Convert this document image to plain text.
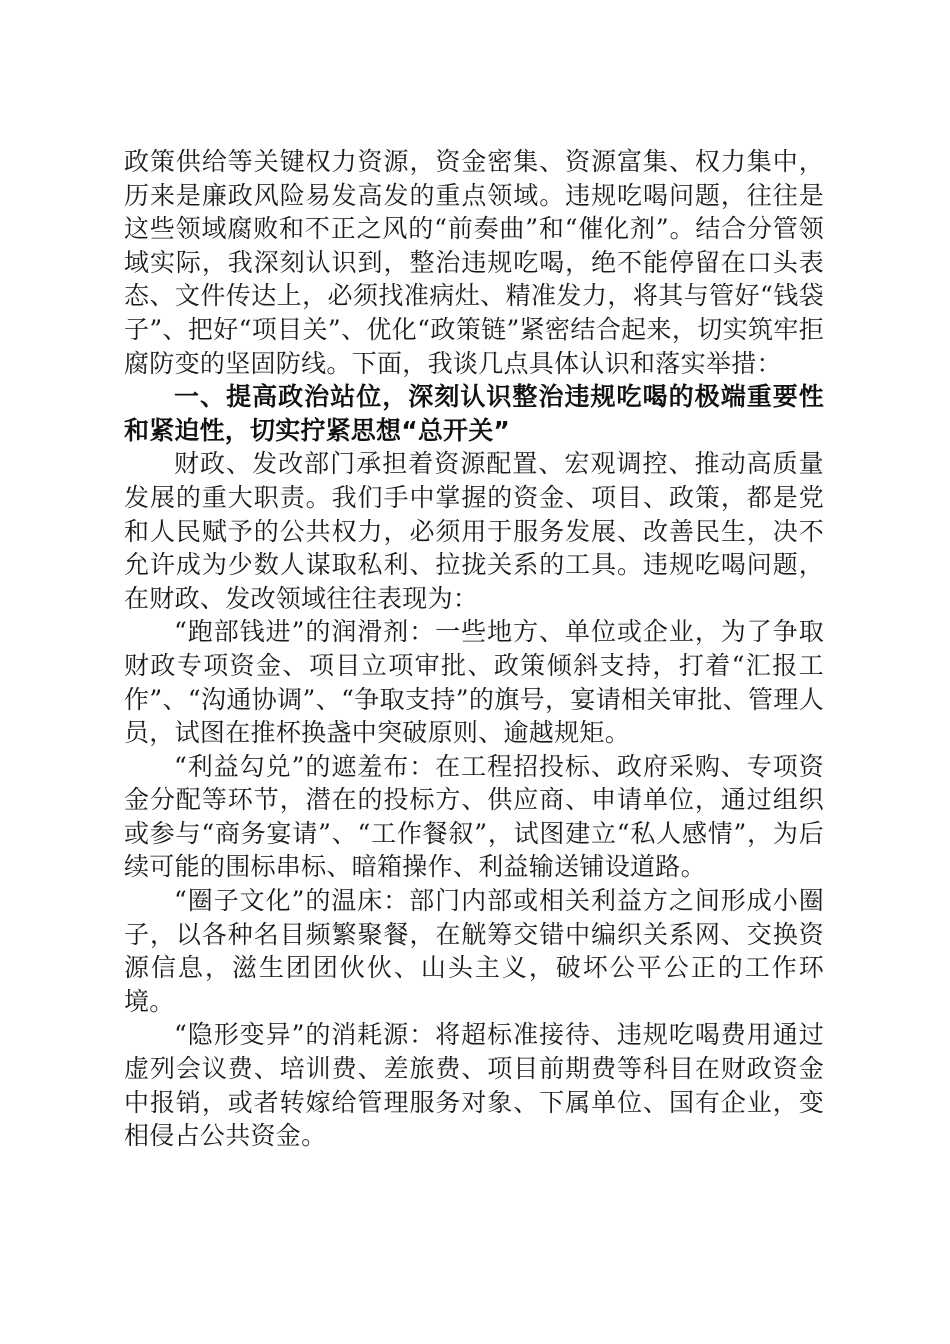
政策供给等关键权力资源，资金密集、资源富集、权力集中，历来是廉政风险易发高发的重点领域。违规吃喝问题，往往是这些领域腐败和不正之风的“前奏曲”和“催化剂”。结合分管领域实际，我深刻认识到，整治违规吃喝，绝不能停留在口头表态、文件传达上，必须找准病灶、精准发力，将其与管好“钱袋子”、把好“项目关”、优化“政策链”紧密结合起来，切实筑牢拒腐防变的坚固防线。下面，我谈几点具体认识和落实举措：

一、提高政治站位，深刻认识整治违规吃喝的极端重要性和紧迫性，切实拧紧思想“总开关”

财政、发改部门承担着资源配置、宏观调控、推动高质量发展的重大职责。我们手中掌握的资金、项目、政策，都是党和人民赋予的公共权力，必须用于服务发展、改善民生，决不允许成为少数人谋取私利、拉拢关系的工具。违规吃喝问题，在财政、发改领域往往表现为：

“跑部钱进”的润滑剂：一些地方、单位或企业，为了争取财政专项资金、项目立项审批、政策倾斜支持，打着“汇报工作”、“沟通协调”、“争取支持”的旗号，宴请相关审批、管理人员，试图在推杯换盏中突破原则、逾越规矩。

“利益勾兑”的遮羞布：在工程招投标、政府采购、专项资金分配等环节，潜在的投标方、供应商、申请单位，通过组织或参与“商务宴请”、“工作餐叙”，试图建立“私人感情”，为后续可能的围标串标、暗箱操作、利益输送铺设道路。

“圈子文化”的温床：部门内部或相关利益方之间形成小圈子，以各种名目频繁聚餐，在觥筹交错中编织关系网、交换资源信息，滋生团团伙伙、山头主义，破坏公平公正的工作环境。

“隐形变异”的消耗源：将超标准接待、违规吃喝费用通过虚列会议费、培训费、差旅费、项目前期费等科目在财政资金中报销，或者转嫁给管理服务对象、下属单位、国有企业，变相侵占公共资金。
